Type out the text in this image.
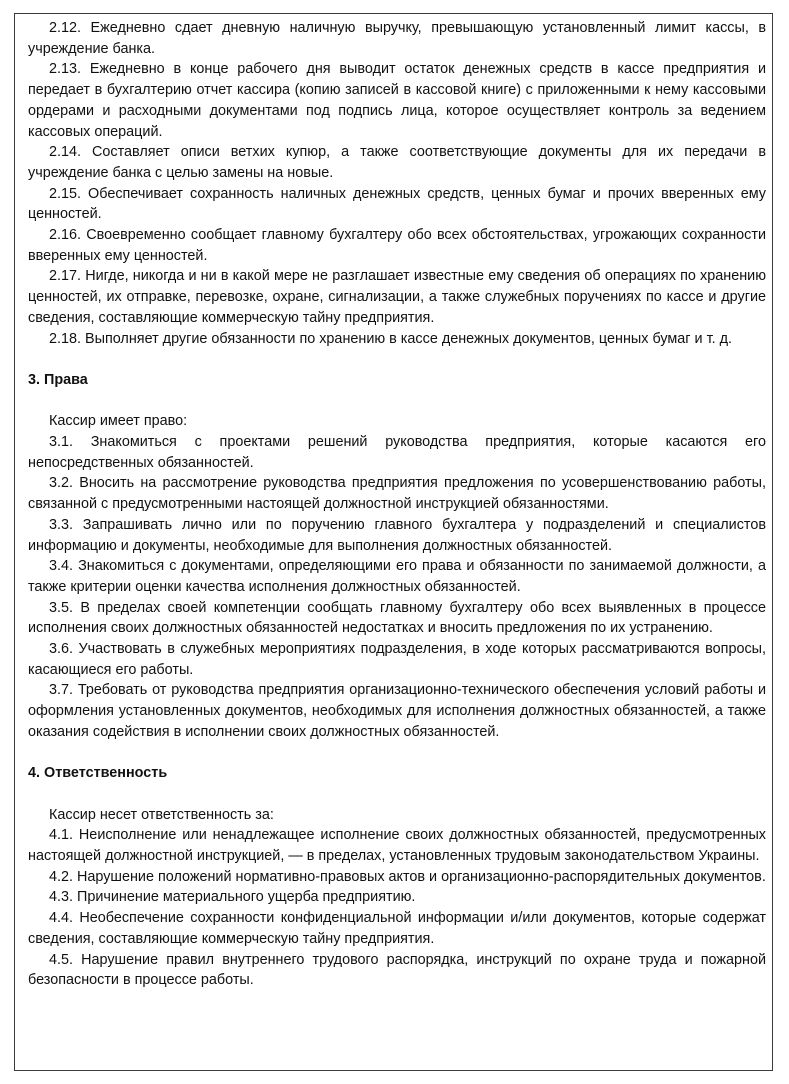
2.12. Ежедневно сдает дневную наличную выручку, превышающую установленный лимит кассы, в учреждение банка.

2.13. Ежедневно в конце рабочего дня выводит остаток денежных средств в кассе предприятия и передает в бухгалтерию отчет кассира (копию записей в кассовой книге) с приложенными к нему кассовыми ордерами и расходными документами под подпись лица, которое осуществляет контроль за ведением кассовых операций.

2.14. Составляет описи ветхих купюр, а также соответствующие документы для их передачи в учреждение банка с целью замены на новые.

2.15. Обеспечивает сохранность наличных денежных средств, ценных бумаг и прочих вверенных ему ценностей.

2.16. Своевременно сообщает главному бухгалтеру обо всех обстоятельствах, угрожающих сохранности вверенных ему ценностей.

2.17. Нигде, никогда и ни в какой мере не разглашает известные ему сведения об операциях по хранению ценностей, их отправке, перевозке, охране, сигнализации, а также служебных поручениях по кассе и другие сведения, составляющие коммерческую тайну предприятия.

2.18. Выполняет другие обязанности по хранению в кассе денежных документов, ценных бумаг и т. д.

3. Права

Кассир имеет право:

3.1. Знакомиться с проектами решений руководства предприятия, которые касаются его непосредственных обязанностей.

3.2. Вносить на рассмотрение руководства предприятия предложения по усовершенствованию работы, связанной с предусмотренными настоящей должностной инструкцией обязанностями.

3.3. Запрашивать лично или по поручению главного бухгалтера у подразделений и специалистов информацию и документы, необходимые для выполнения должностных обязанностей.

3.4. Знакомиться с документами, определяющими его права и обязанности по занимаемой должности, а также критерии оценки качества исполнения должностных обязанностей.

3.5. В пределах своей компетенции сообщать главному бухгалтеру обо всех выявленных в процессе исполнения своих должностных обязанностей недостатках и вносить предложения по их устранению.

3.6. Участвовать в служебных мероприятиях подразделения, в ходе которых рассматриваются вопросы, касающиеся его работы.

3.7. Требовать от руководства предприятия организационно-технического обеспечения условий работы и оформления установленных документов, необходимых для исполнения должностных обязанностей, а также оказания содействия в исполнении своих должностных обязанностей.

4. Ответственность

Кассир несет ответственность за:

4.1. Неисполнение или ненадлежащее исполнение своих должностных обязанностей, предусмотренных настоящей должностной инструкцией, — в пределах, установленных трудовым законодательством Украины.

4.2. Нарушение положений нормативно-правовых актов и организационно-распорядительных документов.

4.3. Причинение материального ущерба предприятию.

4.4. Необеспечение сохранности конфиденциальной информации и/или документов, которые содержат сведения, составляющие коммерческую тайну предприятия.

4.5. Нарушение правил внутреннего трудового распорядка, инструкций по охране труда и пожарной безопасности в процессе работы.
